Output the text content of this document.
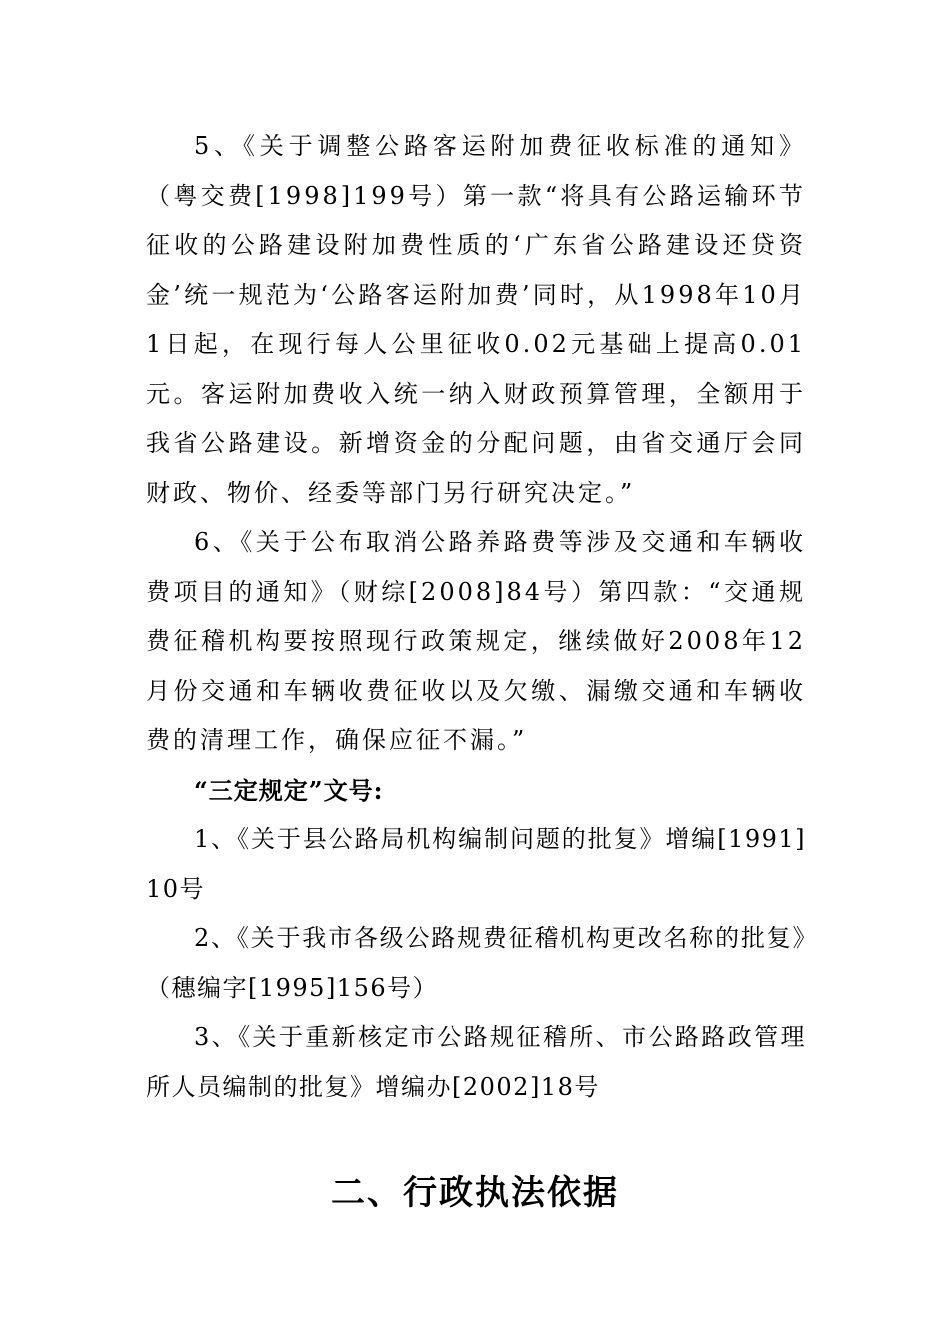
5、《关于调整公路客运附加费征收标准的通知》（粤交费[1998]199号）第一款“将具有公路运输环节征收的公路建设附加费性质的‘广东省公路建设还贷资金’统一规范为‘公路客运附加费’同时，从1998年10月1日起，在现行每人公里征收0.02元基础上提高0.01元。客运附加费收入统一纳入财政预算管理，全额用于我省公路建设。新增资金的分配问题，由省交通厅会同财政、物价、经委等部门另行研究决定。”

6、《关于公布取消公路养路费等涉及交通和车辆收费项目的通知》（财综[2008]84号）第四款：“交通规费征稽机构要按照现行政策规定，继续做好2008年12月份交通和车辆收费征收以及欠缴、漏缴交通和车辆收费的清理工作，确保应征不漏。”

“三定规定”文号:

1、《关于县公路局机构编制问题的批复》增编[1991]10号

2、《关于我市各级公路规费征稽机构更改名称的批复》（穗编字[1995]156号）

3、《关于重新核定市公路规征稽所、市公路路政管理所人员编制的批复》增编办[2002]18号

二、行政执法依据
